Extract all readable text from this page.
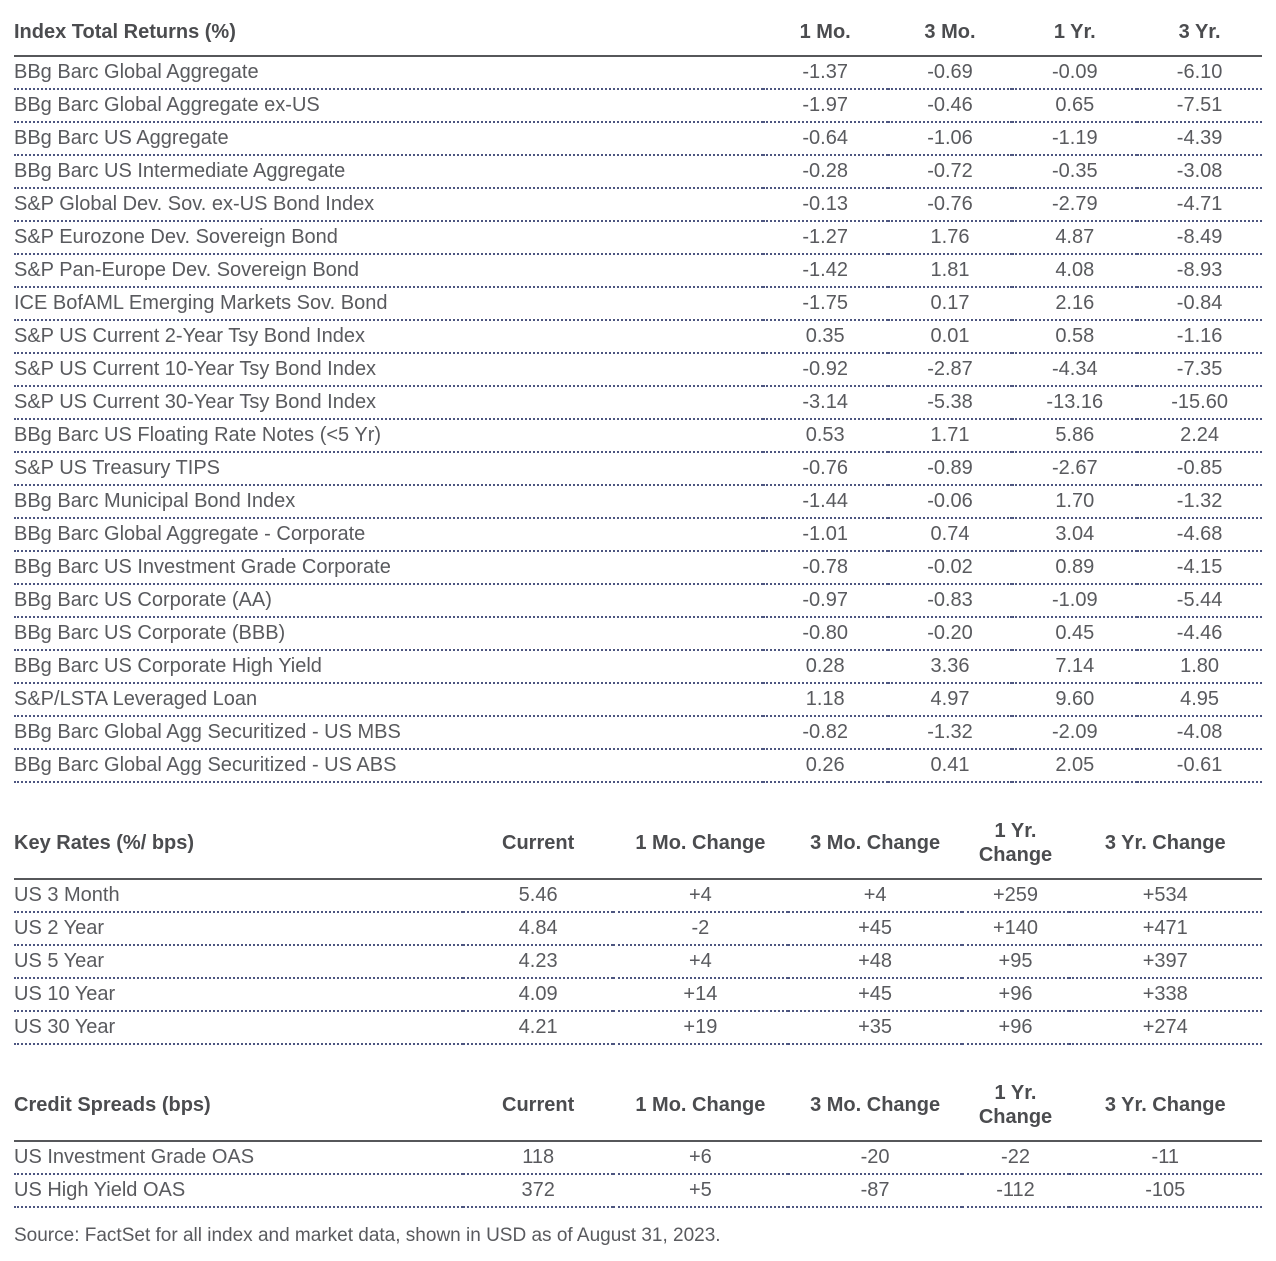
Index Total Returns (%)	1 Mo.	3 Mo.	1 Yr.	3 Yr.
BBg Barc Global Aggregate	-1.37	-0.69	-0.09	-6.10
BBg Barc Global Aggregate ex-US	-1.97	-0.46	0.65	-7.51
BBg Barc US Aggregate	-0.64	-1.06	-1.19	-4.39
BBg Barc US Intermediate Aggregate	-0.28	-0.72	-0.35	-3.08
S&P Global Dev. Sov. ex-US Bond Index	-0.13	-0.76	-2.79	-4.71
S&P Eurozone Dev. Sovereign Bond	-1.27	1.76	4.87	-8.49
S&P Pan-Europe Dev. Sovereign Bond	-1.42	1.81	4.08	-8.93
ICE BofAML Emerging Markets Sov. Bond	-1.75	0.17	2.16	-0.84
S&P US Current 2-Year Tsy Bond Index	0.35	0.01	0.58	-1.16
S&P US Current 10-Year Tsy Bond Index	-0.92	-2.87	-4.34	-7.35
S&P US Current 30-Year Tsy Bond Index	-3.14	-5.38	-13.16	-15.60
BBg Barc US Floating Rate Notes (<5 Yr)	0.53	1.71	5.86	2.24
S&P US Treasury TIPS	-0.76	-0.89	-2.67	-0.85
BBg Barc Municipal Bond Index	-1.44	-0.06	1.70	-1.32
BBg Barc Global Aggregate - Corporate	-1.01	0.74	3.04	-4.68
BBg Barc US Investment Grade Corporate	-0.78	-0.02	0.89	-4.15
BBg Barc US Corporate (AA)	-0.97	-0.83	-1.09	-5.44
BBg Barc US Corporate (BBB)	-0.80	-0.20	0.45	-4.46
BBg Barc US Corporate High Yield	0.28	3.36	7.14	1.80
S&P/LSTA Leveraged Loan	1.18	4.97	9.60	4.95
BBg Barc Global Agg Securitized - US MBS	-0.82	-1.32	-2.09	-4.08
BBg Barc Global Agg Securitized - US ABS	0.26	0.41	2.05	-0.61
Key Rates (%/ bps)	Current	1 Mo. Change	3 Mo. Change	1 Yr. Change	3 Yr. Change
US 3 Month	5.46	+4	+4	+259	+534
US 2 Year	4.84	-2	+45	+140	+471
US 5 Year	4.23	+4	+48	+95	+397
US 10 Year	4.09	+14	+45	+96	+338
US 30 Year	4.21	+19	+35	+96	+274
Credit Spreads (bps)	Current	1 Mo. Change	3 Mo. Change	1 Yr. Change	3 Yr. Change
US Investment Grade OAS	118	+6	-20	-22	-11
US High Yield OAS	372	+5	-87	-112	-105
Source: FactSet for all index and market data, shown in USD as of August 31, 2023.
